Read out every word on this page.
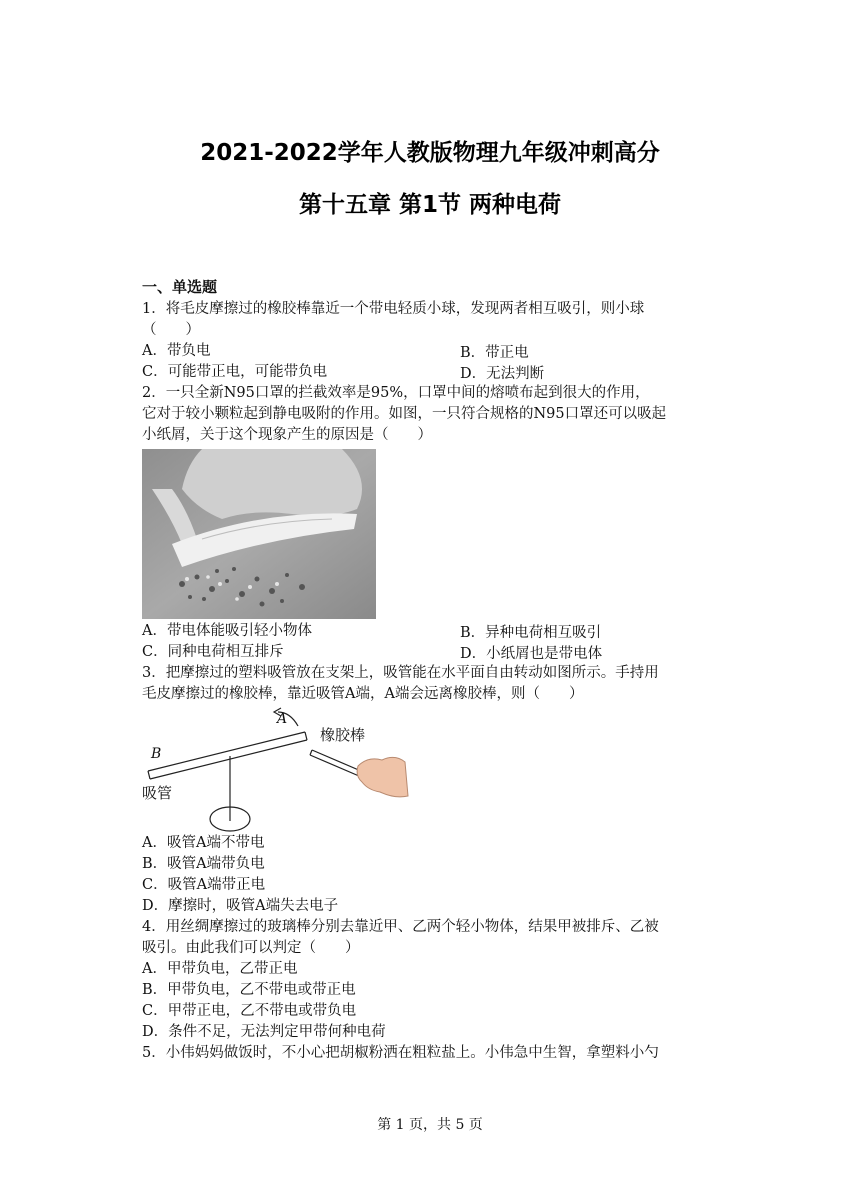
2021-2022学年人教版物理九年级冲刺高分
第十五章 第1节 两种电荷
一、单选题
1．将毛皮摩擦过的橡胶棒靠近一个带电轻质小球，发现两者相互吸引，则小球
（　　）
A．带负电	B．带正电
C．可能带正电，可能带负电	D．无法判断
2．一只全新N95口罩的拦截效率是95%，口罩中间的熔喷布起到很大的作用，
它对于较小颗粒起到静电吸附的作用。如图，一只符合规格的N95口罩还可以吸起
小纸屑，关于这个现象产生的原因是（　　）
A．带电体能吸引轻小物体	B．异种电荷相互吸引
C．同种电荷相互排斥	D．小纸屑也是带电体
3．把摩擦过的塑料吸管放在支架上，吸管能在水平面自由转动如图所示。手持用
毛皮摩擦过的橡胶棒，靠近吸管A端，A端会远离橡胶棒，则（　　）
A
B
橡胶棒
吸管
A．吸管A端不带电
B．吸管A端带负电
C．吸管A端带正电
D．摩擦时，吸管A端失去电子
4．用丝绸摩擦过的玻璃棒分别去靠近甲、乙两个轻小物体，结果甲被排斥、乙被
吸引。由此我们可以判定（　　）
A．甲带负电，乙带正电
B．甲带负电，乙不带电或带正电
C．甲带正电，乙不带电或带负电
D．条件不足，无法判定甲带何种电荷
5．小伟妈妈做饭时，不小心把胡椒粉洒在粗粒盐上。小伟急中生智，拿塑料小勺
第 1 页，共 5 页
